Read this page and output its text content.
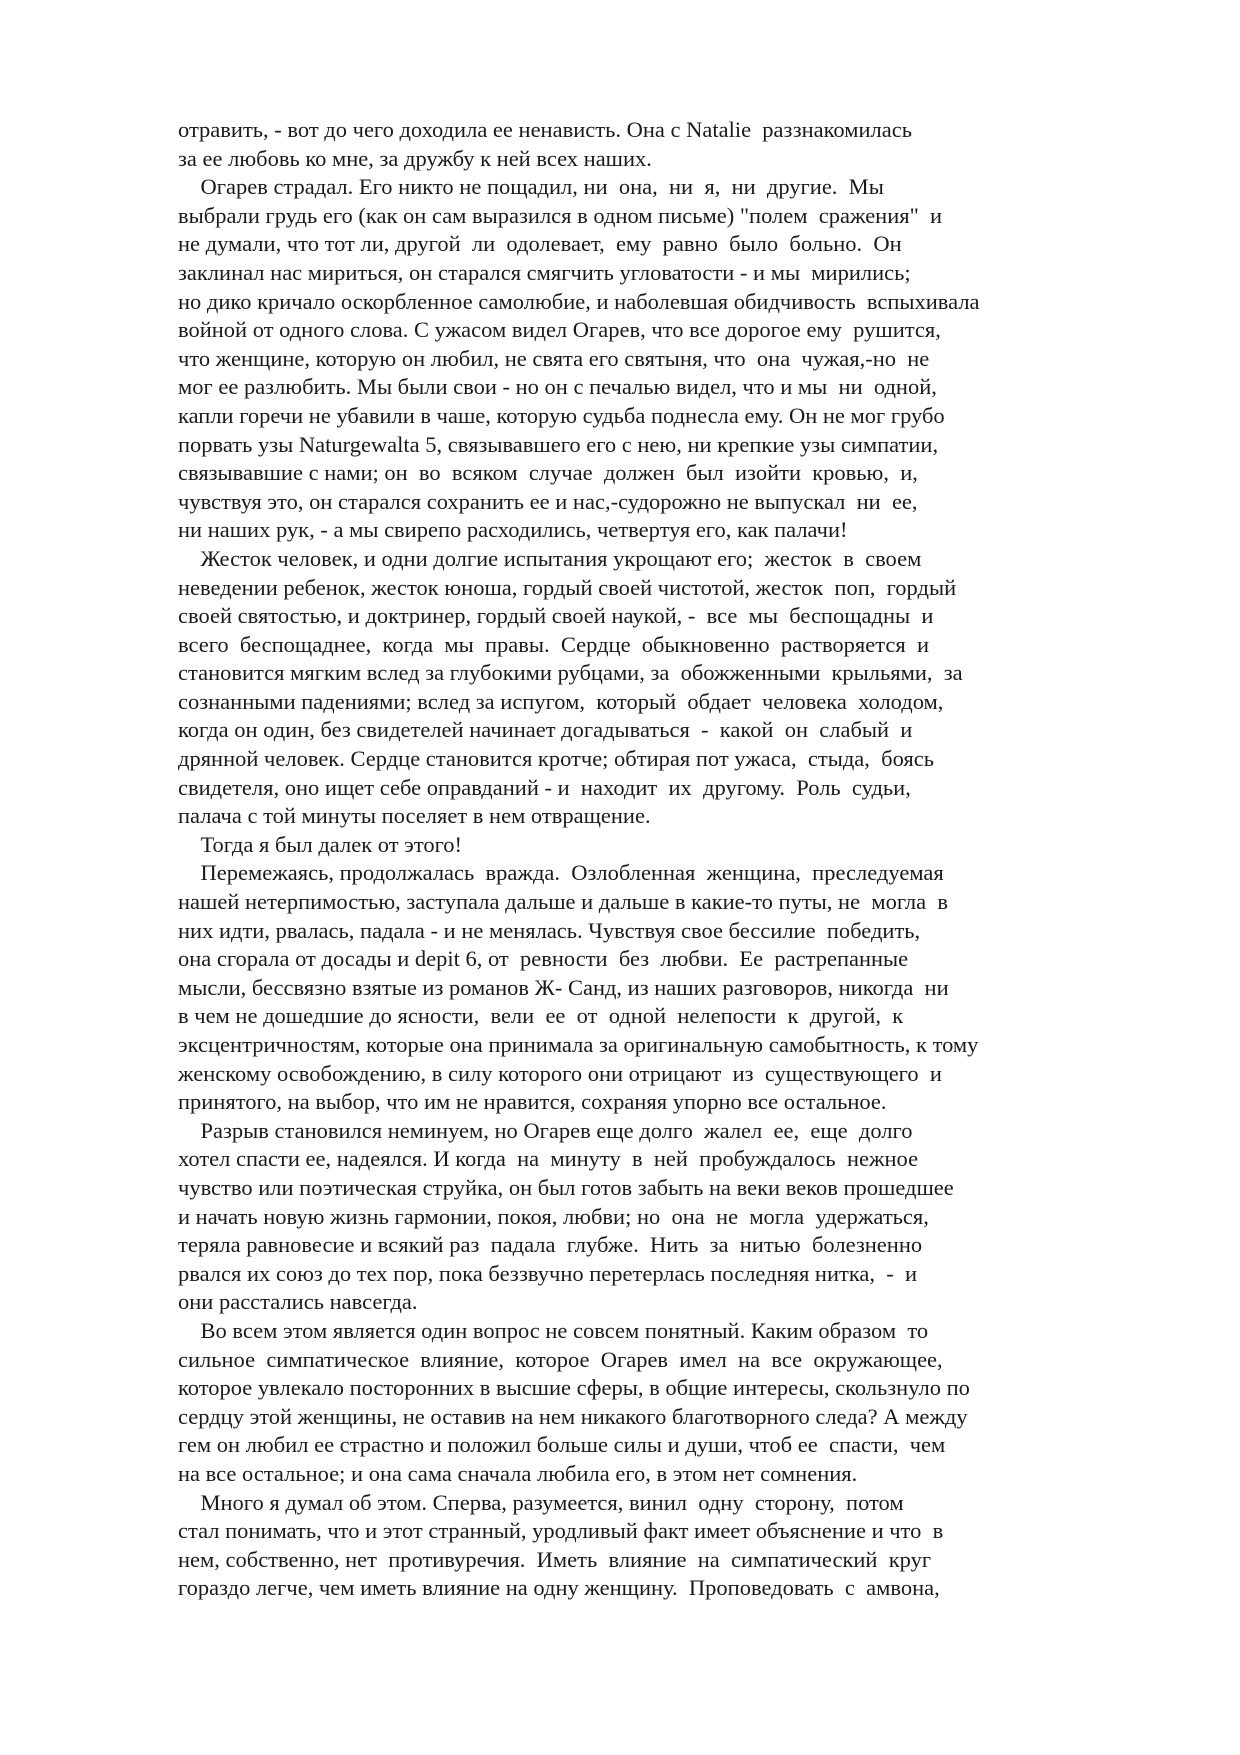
отравить, - вот до чего доходила ее ненависть. Она с Natalie  раззнакомилась
за ее любовь ко мне, за дружбу к ней всех наших.
Огарев страдал. Его никто не пощадил, ни  она,  ни  я,  ни  другие.  Мы
выбрали грудь его (как он сам выразился в одном письме) "полем  сражения"  и
не думали, что тот ли, другой  ли  одолевает,  ему  равно  было  больно.  Он
заклинал нас мириться, он старался смягчить угловатости - и мы  мирились;
но дико кричало оскорбленное самолюбие, и наболевшая обидчивость  вспыхивала
войной от одного слова. С ужасом видел Огарев, что все дорогое ему  рушится,
что женщине, которую он любил, не свята его святыня, что  она  чужая,-но  не
мог ее разлюбить. Мы были свои - но он с печалью видел, что и мы  ни  одной,
капли горечи не убавили в чаше, которую судьба поднесла ему. Он не мог грубо
порвать узы Naturgewalta 5, связывавшего его с нею, ни крепкие узы симпатии,
связывавшие с нами; он  во  всяком  случае  должен  был  изойти  кровью,  и,
чувствуя это, он старался сохранить ее и нас,-судорожно не выпускал  ни  ее,
ни наших рук, - а мы свирепо расходились, четвертуя его, как палачи!
Жесток человек, и одни долгие испытания укрощают его;  жесток  в  своем
неведении ребенок, жесток юноша, гордый своей чистотой, жесток  поп,  гордый
своей святостью, и доктринер, гордый своей наукой, -  все  мы  беспощадны  и
всего  беспощаднее,  когда  мы  правы.  Сердце  обыкновенно  растворяется  и
становится мягким вслед за глубокими рубцами, за  обожженными  крыльями,  за
сознанными падениями; вслед за испугом,  который  обдает  человека  холодом,
когда он один, без свидетелей начинает догадываться  -  какой  он  слабый  и
дрянной человек. Сердце становится кротче; обтирая пот ужаса,  стыда,  боясь
свидетеля, оно ищет себе оправданий - и  находит  их  другому.  Роль  судьи,
палача с той минуты поселяет в нем отвращение.
Тогда я был далек от этого!
Перемежаясь, продолжалась  вражда.  Озлобленная  женщина,  преследуемая
нашей нетерпимостью, заступала дальше и дальше в какие-то путы, не  могла  в
них идти, рвалась, падала - и не менялась. Чувствуя свое бессилие  победить,
она сгорала от досады и depit 6, от  ревности  без  любви.  Ее  растрепанные
мысли, бессвязно взятые из романов Ж- Санд, из наших разговоров, никогда  ни
в чем не дошедшие до ясности,  вели  ее  от  одной  нелепости  к  другой,  к
эксцентричностям, которые она принимала за оригинальную самобытность, к тому
женскому освобождению, в силу которого они отрицают  из  существующего  и
принятого, на выбор, что им не нравится, сохраняя упорно все остальное.
Разрыв становился неминуем, но Огарев еще долго  жалел  ее,  еще  долго
хотел спасти ее, надеялся. И когда  на  минуту  в  ней  пробуждалось  нежное
чувство или поэтическая струйка, он был готов забыть на веки веков прошедшее
и начать новую жизнь гармонии, покоя, любви; но  она  не  могла  удержаться,
теряла равновесие и всякий раз  падала  глубже.  Нить  за  нитью  болезненно
рвался их союз до тех пор, пока беззвучно перетерлась последняя нитка,  -  и
они расстались навсегда.
Во всем этом является один вопрос не совсем понятный. Каким образом  то
сильное  симпатическое  влияние,  которое  Огарев  имел  на  все  окружающее,
которое увлекало посторонних в высшие сферы, в общие интересы, скользнуло по
сердцу этой женщины, не оставив на нем никакого благотворного следа? А между
гем он любил ее страстно и положил больше силы и души, чтоб ее  спасти,  чем
на все остальное; и она сама сначала любила его, в этом нет сомнения.
Много я думал об этом. Сперва, разумеется, винил  одну  сторону,  потом
стал понимать, что и этот странный, уродливый факт имеет объяснение и что  в
нем, собственно, нет  противуречия.  Иметь  влияние  на  симпатический  круг
гораздо легче, чем иметь влияние на одну женщину.  Проповедовать  с  амвона,
